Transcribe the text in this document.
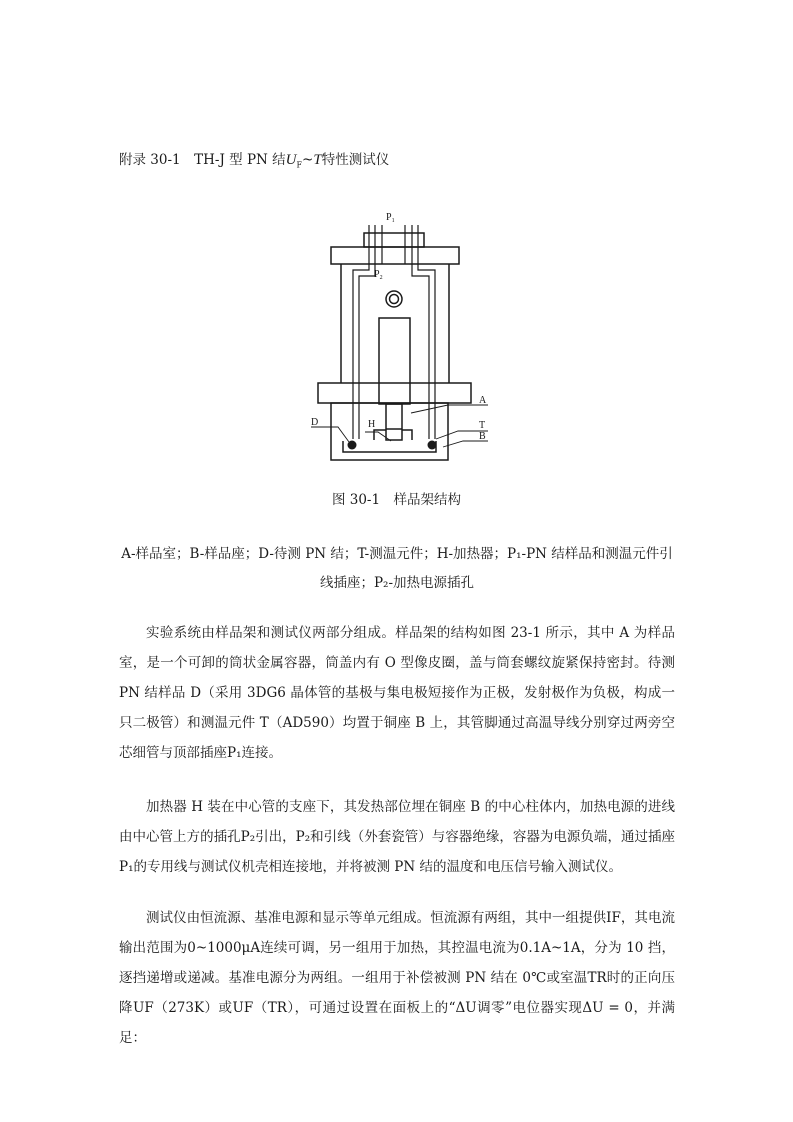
附录 30-1　TH-J 型 PN 结$U_F\sim T$特性测试仪
$P_1$
$P_2$
A
T
B
D	H
图 30-1　样品架结构
A-样品室；B-样品座；D-待测 PN 结；T-测温元件；H-加热器；P₁-PN 结样品和测温元件引
线插座；P₂-加热电源插孔

实验系统由样品架和测试仪两部分组成。样品架的结构如图 23-1 所示，其中 A 为样品室，是一个可卸的筒状金属容器，筒盖内有 O 型像皮圈，盖与筒套螺纹旋紧保持密封。待测 PN 结样品 D（采用 3DG6 晶体管的基极与集电极短接作为正极，发射极作为负极，构成一只二极管）和测温元件 T（AD590）均置于铜座 B 上，其管脚通过高温导线分别穿过两旁空芯细管与顶部插座P₁连接。

加热器 H 装在中心管的支座下，其发热部位埋在铜座 B 的中心柱体内，加热电源的进线由中心管上方的插孔P₂引出，P₂和引线（外套瓷管）与容器绝缘，容器为电源负端，通过插座P₁的专用线与测试仪机壳相连接地，并将被测 PN 结的温度和电压信号输入测试仪。

测试仪由恒流源、基准电源和显示等单元组成。恒流源有两组，其中一组提供IF，其电流输出范围为0~1000μA连续可调，另一组用于加热，其控温电流为0.1A~1A，分为 10 挡，逐挡递增或递减。基准电源分为两组。一组用于补偿被测 PN 结在 0℃或室温TR时的正向压降UF（273K）或UF（TR），可通过设置在面板上的“ΔU调零”电位器实现ΔU = 0，并满足：
